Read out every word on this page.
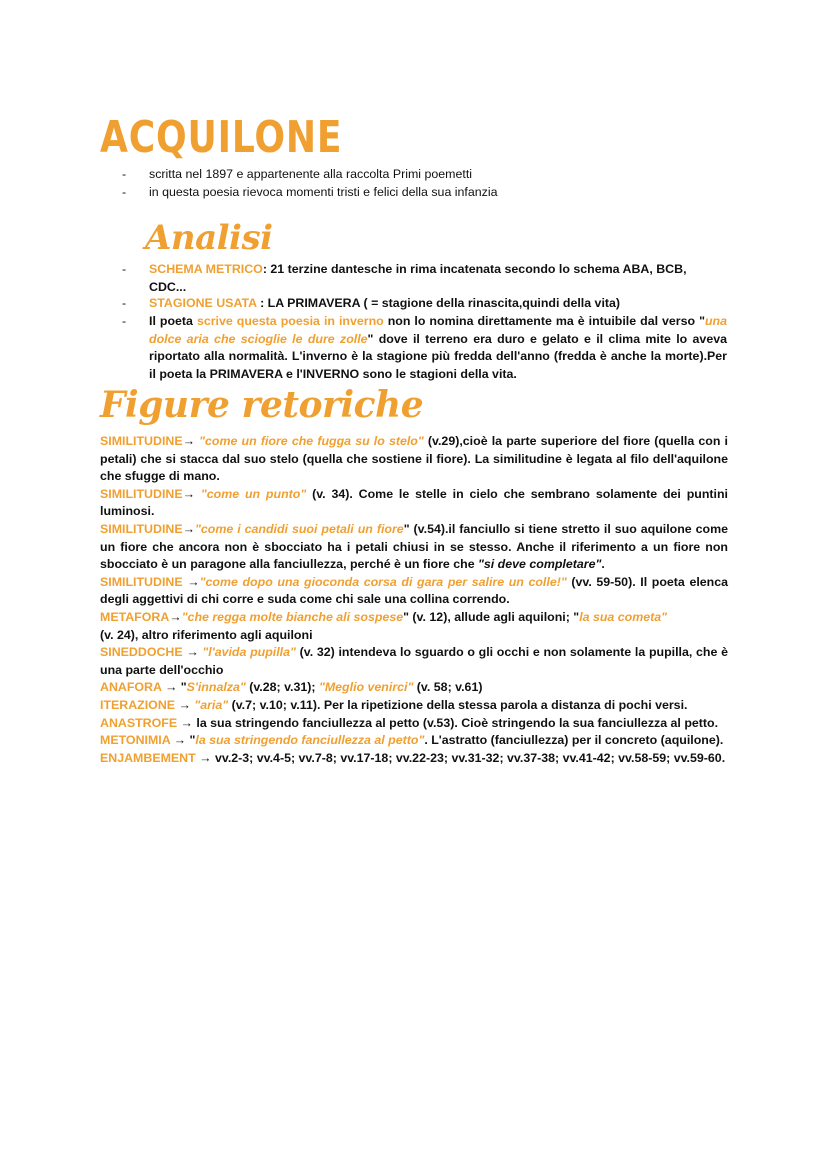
ACQUILONE
-	scritta nel 1897 e appartenente alla raccolta Primi poemetti
-	in questa poesia rievoca momenti tristi e felici della sua infanzia
Analisi
-	SCHEMA METRICO: 21 terzine dantesche in rima incatenata secondo lo schema ABA, BCB, CDC...
-	STAGIONE USATA : LA PRIMAVERA ( = stagione della rinascita,quindi della vita)
-	Il poeta scrive questa poesia in inverno non lo nomina direttamente ma è intuibile dal verso "una dolce aria che scioglie le dure zolle" dove il terreno era duro e gelato e il clima mite lo aveva riportato alla normalità. L'inverno è la stagione più fredda dell'anno (fredda è anche la morte).Per il poeta la PRIMAVERA e l'INVERNO sono le stagioni della vita.
Figure retoriche

SIMILITUDINE→ "come un fiore che fugga su lo stelo" (v.29),cioè la parte superiore del fiore (quella con i petali) che si stacca dal suo stelo (quella che sostiene il fiore). La similitudine è legata al filo dell'aquilone che sfugge di mano.

SIMILITUDINE→ "come un punto" (v. 34). Come le stelle in cielo che sembrano solamente dei puntini luminosi.

SIMILITUDINE→"come i candidi suoi petali un fiore" (v.54).il fanciullo si tiene stretto il suo aquilone come un fiore che ancora non è sbocciato ha i petali chiusi in se stesso. Anche il riferimento a un fiore non sbocciato è un paragone alla fanciullezza, perché è un fiore che "si deve completare".

SIMILITUDINE →"come dopo una gioconda corsa di gara per salire un colle!" (vv. 59-50). Il poeta elenca degli aggettivi di chi corre e suda come chi sale una collina correndo.

METAFORA→"che regga molte bianche ali sospese" (v. 12), allude agli aquiloni; "la sua cometa"
(v. 24), altro riferimento agli aquiloni

SINEDDOCHE → "l'avida pupilla" (v. 32) intendeva lo sguardo o gli occhi e non solamente la pupilla, che è una parte dell'occhio

ANAFORA → "S'innalza" (v.28; v.31); "Meglio venirci" (v. 58; v.61)

ITERAZIONE → "aria" (v.7; v.10; v.11). Per la ripetizione della stessa parola a distanza di pochi versi.

ANASTROFE → la sua stringendo fanciullezza al petto (v.53). Cioè stringendo la sua fanciullezza al petto.

METONIMIA → "la sua stringendo fanciullezza al petto". L'astratto (fanciullezza) per il concreto (aquilone).

ENJAMBEMENT → vv.2-3; vv.4-5; vv.7-8; vv.17-18; vv.22-23; vv.31-32; vv.37-38; vv.41-42; vv.58-59; vv.59-60.
